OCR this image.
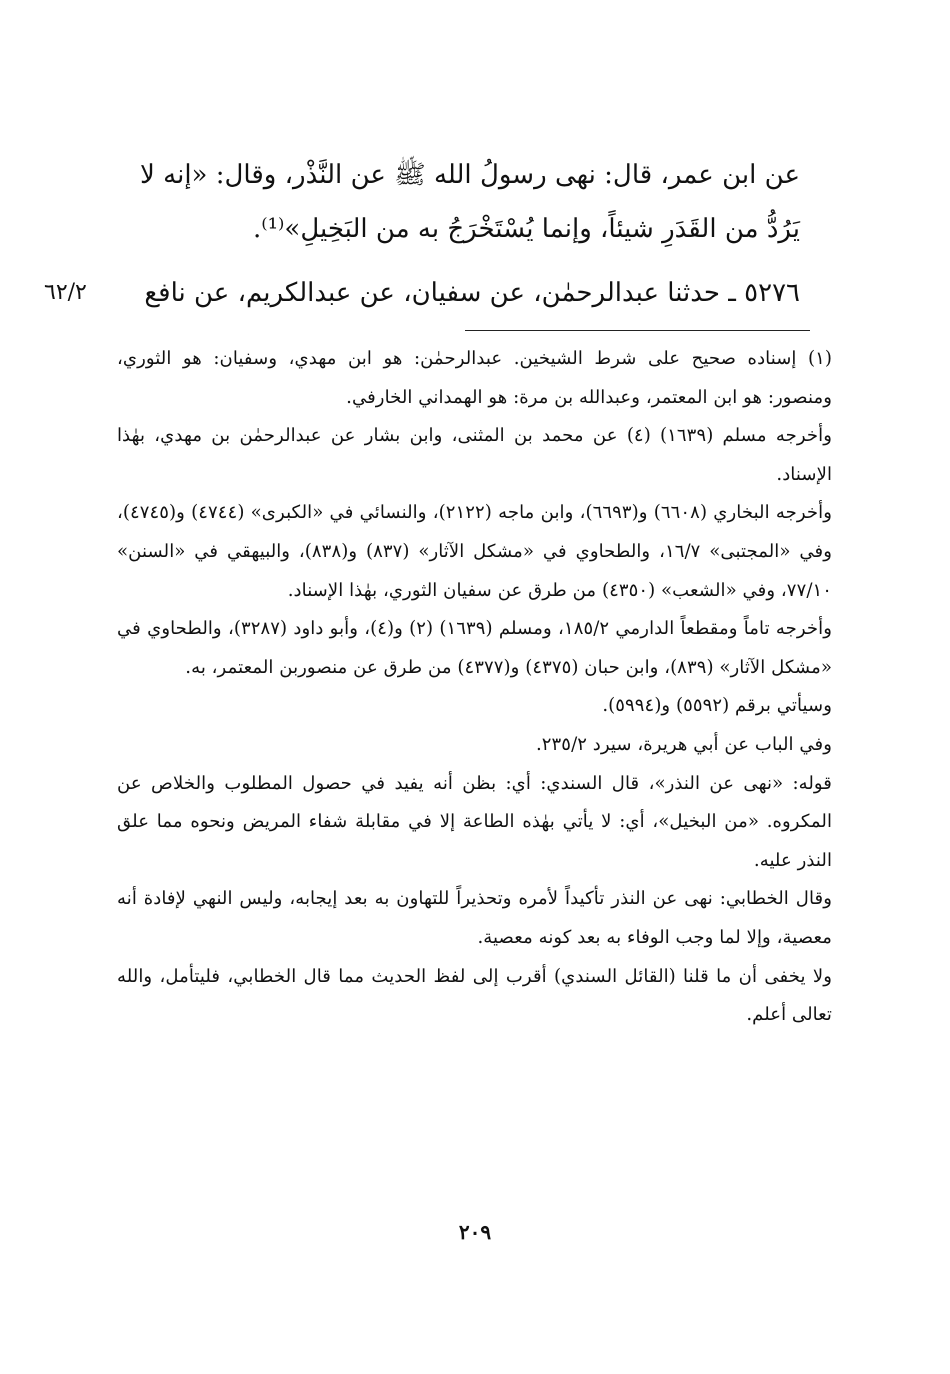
عن ابن عمر، قال: نهى رسولُ الله ﷺ عن النَّذْر، وقال: «إنه لا يَرُدُّ من القَدَرِ شيئاً، وإنما يُسْتَخْرَجُ به من البَخِيلِ»⁽¹⁾.
٥٢٧٦ ـ حدثنا عبدالرحمٰن، عن سفيان، عن عبدالكريم، عن نافع
٦٢/٢

(١) إسناده صحيح على شرط الشيخين. عبدالرحمٰن: هو ابن مهدي، وسفيان: هو الثوري، ومنصور: هو ابن المعتمر، وعبدالله بن مرة: هو الهمداني الخارفي.

وأخرجه مسلم (١٦٣٩) (٤) عن محمد بن المثنى، وابن بشار عن عبدالرحمٰن بن مهدي، بهٰذا الإسناد.

وأخرجه البخاري (٦٦٠٨) و(٦٦٩٣)، وابن ماجه (٢١٢٢)، والنسائي في «الكبرى» (٤٧٤٤) و(٤٧٤٥)، وفي «المجتبى» ١٦/٧، والطحاوي في «مشكل الآثار» (٨٣٧) و(٨٣٨)، والبيهقي في «السنن» ٧٧/١٠، وفي «الشعب» (٤٣٥٠) من طرق عن سفيان الثوري، بهٰذا الإسناد.

وأخرجه تاماً ومقطعاً الدارمي ١٨٥/٢، ومسلم (١٦٣٩) (٢) و(٤)، وأبو داود (٣٢٨٧)، والطحاوي في «مشكل الآثار» (٨٣٩)، وابن حبان (٤٣٧٥) و(٤٣٧٧) من طرق عن منصوربن المعتمر، به.

وسيأتي برقم (٥٥٩٢) و(٥٩٩٤).

وفي الباب عن أبي هريرة، سيرد ٢٣٥/٢.

قوله: «نهى عن النذر»، قال السندي: أي: بظن أنه يفيد في حصول المطلوب والخلاص عن المكروه. «من البخيل»، أي: لا يأتي بهٰذه الطاعة إلا في مقابلة شفاء المريض ونحوه مما علق النذر عليه.

وقال الخطابي: نهى عن النذر تأكيداً لأمره وتحذيراً للتهاون به بعد إيجابه، وليس النهي لإفادة أنه معصية، وإلا لما وجب الوفاء به بعد كونه معصية.

ولا يخفى أن ما قلنا (القائل السندي) أقرب إلى لفظ الحديث مما قال الخطابي، فليتأمل، والله تعالى أعلم.

٢٠٩
